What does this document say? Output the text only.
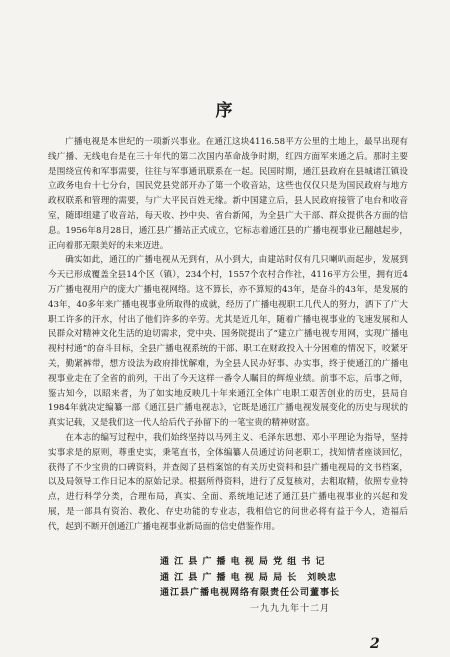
序

广播电视是本世纪的一项新兴事业。在通江这块4116.58平方公里的土地上，最早出现有线广播、无线电台是在三十年代的第二次国内革命战争时期，红四方面军来通之后。那时主要是围绕宣传和军事需要，往往与军事通讯联系在一起。民国时期，通江县政府在县城诸江镇设立政务电台十七分台，国民党县党部开办了第一个收音站，这些也仅仅只是为国民政府与地方政权联系和管理的需要，与广大平民百姓无缘。新中国建立后，县人民政府接管了电台和收音室，随即组建了收音站，每天收、抄中央、省台新闻，为全县广大干部、群众提供各方面的信息。1956年8月28日，通江县广播站正式成立，它标志着通江县的广播电视事业已翻越起步，正向着那无限美好的未来迈进。

确实如此，通江的广播电视从无到有，从小到大，由建站时仅有几只喇叭而起步，发展到今天已形成覆盖全县14个区（镇），234个村，1557个农村合作社，4116平方公里，拥有近4万广播电视用户的庞大广播电视网络。这不算长，亦不算短的43年，是奋斗的43年，是发展的43年，40多年来广播电视事业所取得的成就，经历了广播电视职工几代人的努力，洒下了广大职工许多的汗水，付出了他们许多的辛劳。尤其是近几年，随着广播电视事业的飞速发展和人民群众对精神文化生活的迫切需求，党中央、国务院提出了“建立广播电视专用网，实现广播电视村村通”的奋斗目标，全县广播电视系统的干部、职工在财政投入十分困难的情况下，咬紧牙关，勤紧裤带，想方设法为政府排忧解难，为全县人民办好事、办实事，终于使通江的广播电视事业走在了全省的前列，干出了今天这样一番令人瞩目的辉煌业绩。前事不忘，后事之师，鉴古知今，以昭来者，为了如实地反映几十年来通江全体广电职工艰苦创业的历史，县局自1984年就决定编纂一部《通江县广播电视志》，它既是通江广播电视发展变化的历史与现状的真实记载，又是我们这一代人给后代子孙留下的一笔宝贵的精神财富。

在本志的编写过程中，我们始终坚持以马列主义、毛泽东思想、邓小平理论为指导，坚持实事求是的原则，尊重史实，秉笔直书，全体编纂人员通过访问老职工，找知情者座谈回忆，获得了不少宝贵的口碑资料，并查阅了县档案馆的有关历史资料和县广播电视局的文书档案，以及局领导工作日记本的原始记录。根据所得资料，进行了反复核对，去粗取精，依照专业特点，进行科学分类，合理布局，真实、全面、系统地记述了通江县广播电视事业的兴起和发展，是一部具有资治、教化、存史功能的专业志，我相信它的问世必将有益于今人，造福后代，起到不断开创通江广播电视事业新局面的信史借鉴作用。

通 江 县 广 播 电 视 局 党 组 书 记
通 江 县 广 播 电 视 局 局 长　刘映忠
通江县广播电视网络有限责任公司董事长
一九九九年十二月
2
